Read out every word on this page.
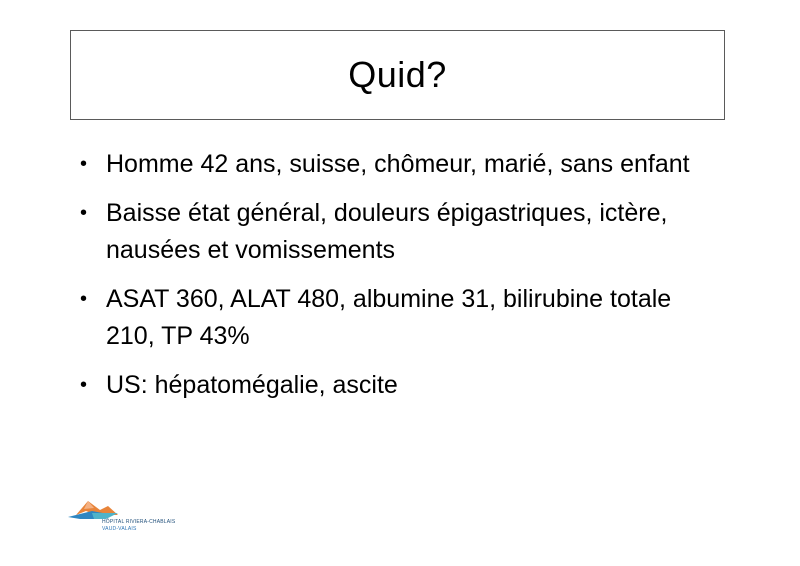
Quid?
• Homme 42 ans, suisse, chômeur, marié, sans enfant
• Baisse état général, douleurs épigastriques, ictère, nausées et vomissements
• ASAT 360, ALAT 480, albumine 31, bilirubine totale 210, TP 43%
• US: hépatomégalie, ascite
HÔPITAL RIVIERA-CHABLAIS
VAUD-VALAIS
